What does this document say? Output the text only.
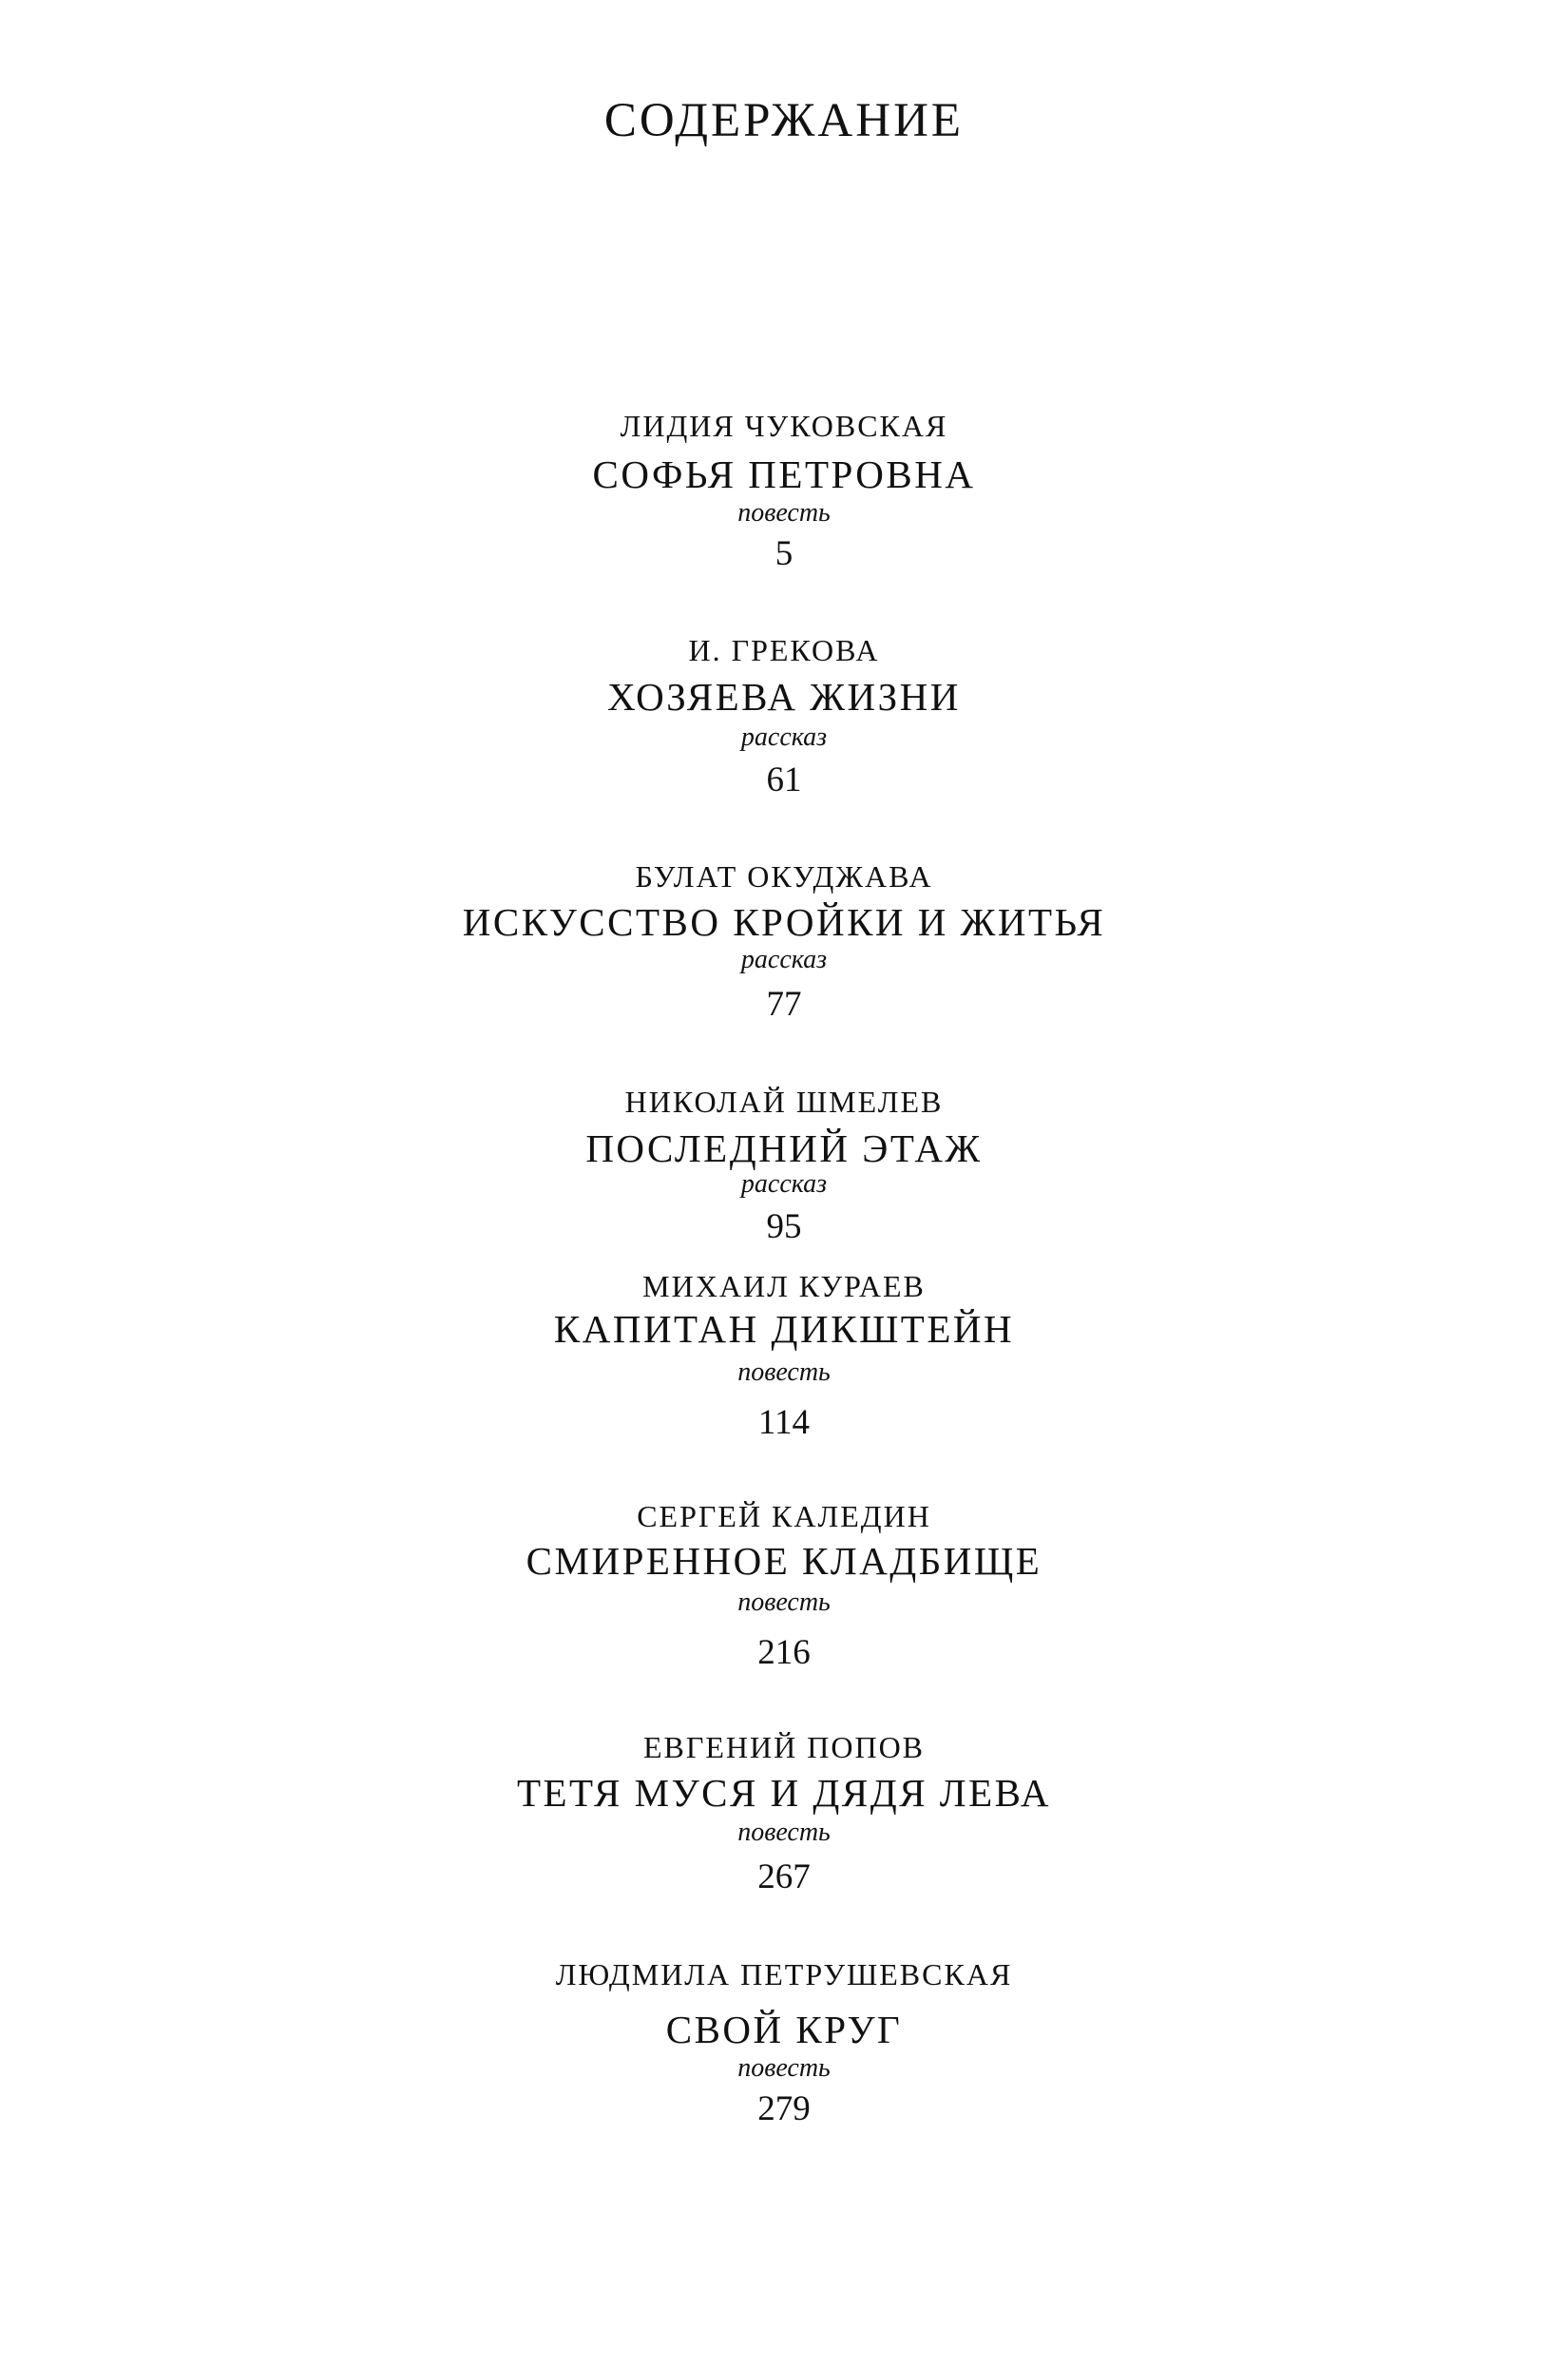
СОДЕРЖАНИЕ
ЛИДИЯ ЧУКОВСКАЯ
СОФЬЯ ПЕТРОВНА
повесть
5
И. ГРЕКОВА
ХОЗЯЕВА ЖИЗНИ
рассказ
61
БУЛАТ ОКУДЖАВА
ИСКУССТВО КРОЙКИ И ЖИТЬЯ
рассказ
77
НИКОЛАЙ ШМЕЛЕВ
ПОСЛЕДНИЙ ЭТАЖ
рассказ
95
МИХАИЛ КУРАЕВ
КАПИТАН ДИКШТЕЙН
повесть
114
СЕРГЕЙ КАЛЕДИН
СМИРЕННОЕ КЛАДБИЩЕ
повесть
216
ЕВГЕНИЙ ПОПОВ
ТЕТЯ МУСЯ И ДЯДЯ ЛЕВА
повесть
267
ЛЮДМИЛА ПЕТРУШЕВСКАЯ
СВОЙ КРУГ
повесть
279
